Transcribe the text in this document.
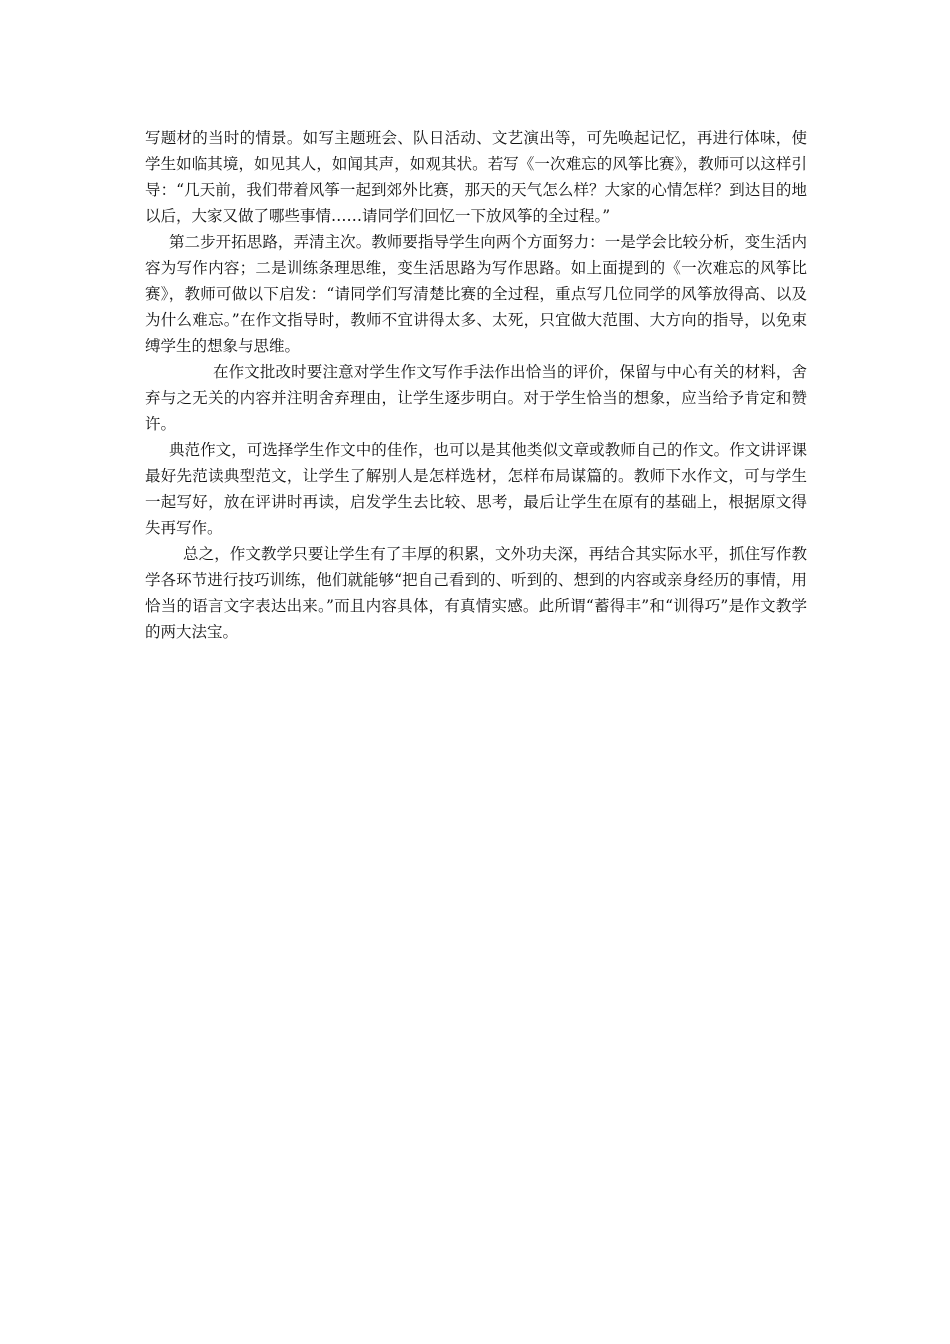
写题材的当时的情景。如写主题班会、队日活动、文艺演出等，可先唤起记忆，再进行体味，使学生如临其境，如见其人，如闻其声，如观其状。若写《一次难忘的风筝比赛》，教师可以这样引导：“几天前，我们带着风筝一起到郊外比赛，那天的天气怎么样？大家的心情怎样？到达目的地以后，大家又做了哪些事情……请同学们回忆一下放风筝的全过程。”

第二步开拓思路，弄清主次。教师要指导学生向两个方面努力：一是学会比较分析，变生活内容为写作内容；二是训练条理思维，变生活思路为写作思路。如上面提到的《一次难忘的风筝比赛》，教师可做以下启发：“请同学们写清楚比赛的全过程，重点写几位同学的风筝放得高、以及为什么难忘。”在作文指导时，教师不宜讲得太多、太死，只宜做大范围、大方向的指导，以免束缚学生的想象与思维。

在作文批改时要注意对学生作文写作手法作出恰当的评价，保留与中心有关的材料，舍弃与之无关的内容并注明舍弃理由，让学生逐步明白。对于学生恰当的想象，应当给予肯定和赞许。

典范作文，可选择学生作文中的佳作，也可以是其他类似文章或教师自己的作文。作文讲评课最好先范读典型范文，让学生了解别人是怎样选材，怎样布局谋篇的。教师下水作文，可与学生一起写好，放在评讲时再读，启发学生去比较、思考，最后让学生在原有的基础上，根据原文得失再写作。

总之，作文教学只要让学生有了丰厚的积累，文外功夫深，再结合其实际水平，抓住写作教学各环节进行技巧训练，他们就能够“把自己看到的、听到的、想到的内容或亲身经历的事情，用恰当的语言文字表达出来。”而且内容具体，有真情实感。此所谓“蓄得丰”和“训得巧”是作文教学的两大法宝。
